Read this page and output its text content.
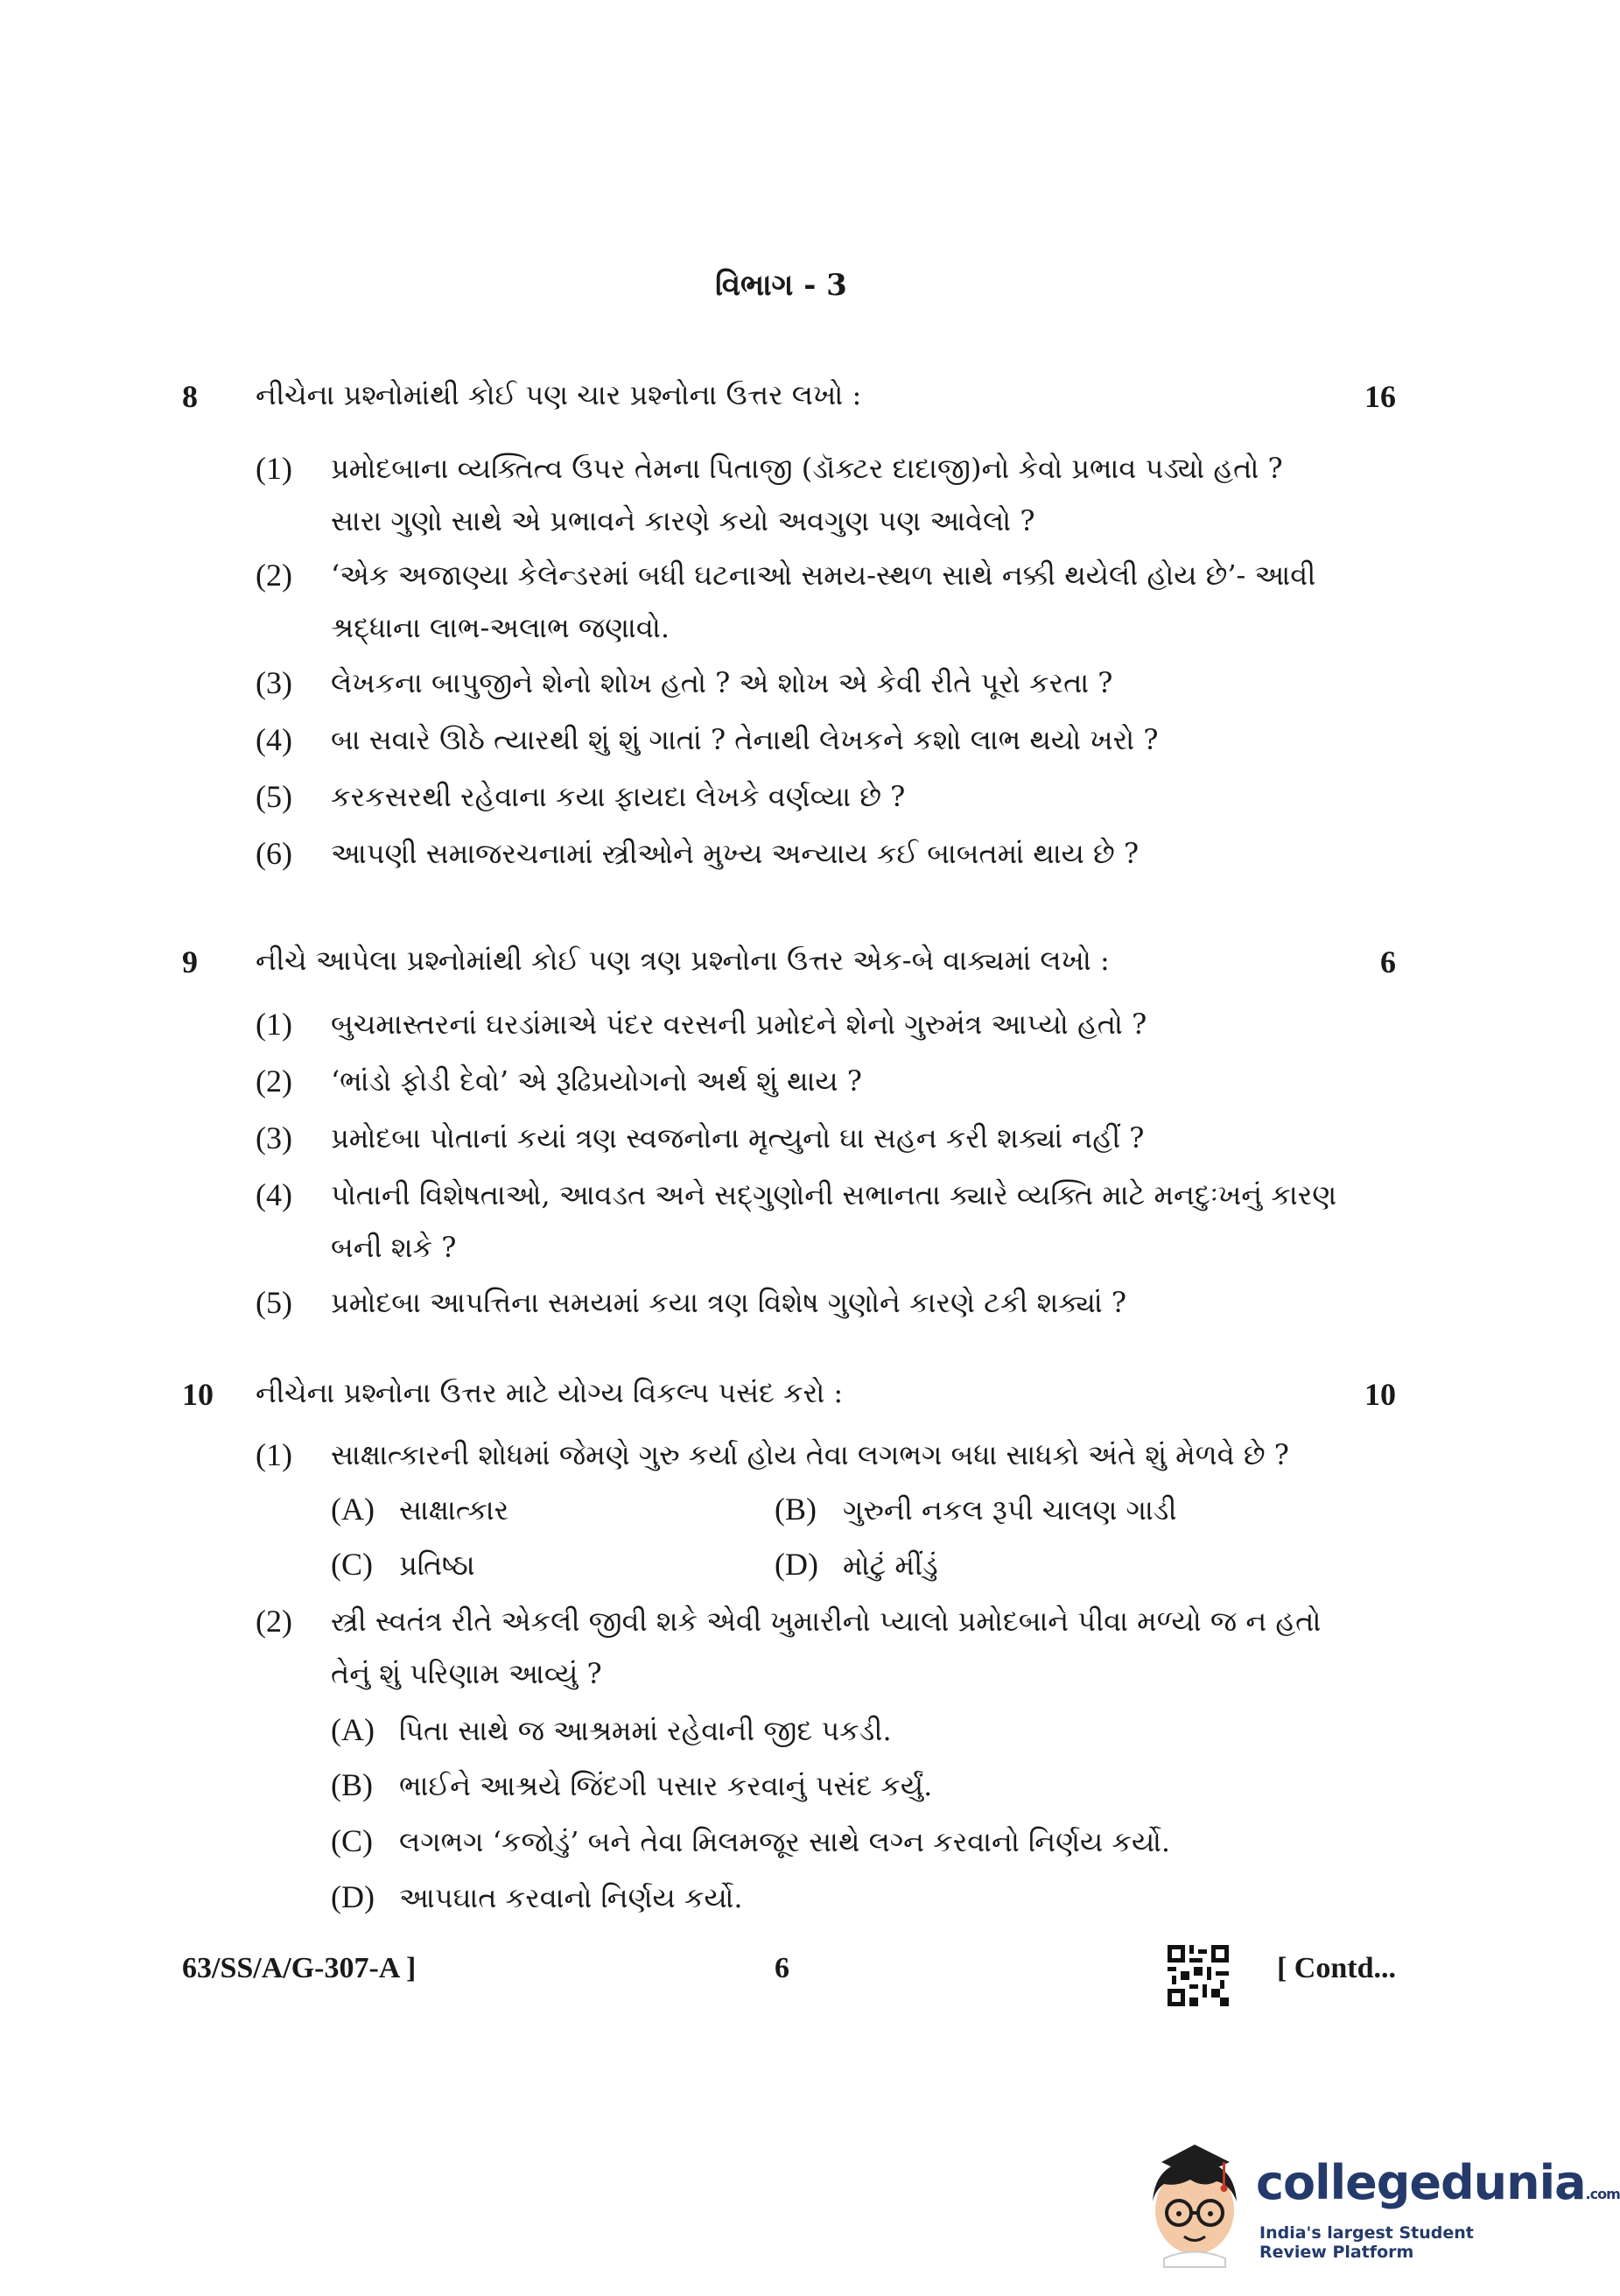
વિભાગ - 3
8 નીચેના પ્રશ્નોમાંથી કોઈ પણ ચાર પ્રશ્નોના ઉત્તર લખો :	16
(1) પ્રમોદબાના વ્યક્તિત્વ ઉપર તેમના પિતાજી (ડૉક્ટર દાદાજી)નો કેવો પ્રભાવ પડ્યો હતો ? સારા ગુણો સાથે એ પ્રભાવને કારણે કયો અવગુણ પણ આવેલો ?
(2) ‘એક અજાણ્યા કેલેન્ડરમાં બધી ઘટનાઓ સમય-સ્થળ સાથે નક્કી થયેલી હોય છે’- આવી શ્રદ્ધાના લાભ-અલાભ જણાવો.
(3) લેખકના બાપુજીને શેનો શોખ હતો ? એ શોખ એ કેવી રીતે પૂરો કરતા ?
(4) બા સવારે ઊઠે ત્યારથી શું શું ગાતાં ? તેનાથી લેખકને કશો લાભ થયો ખરો ?
(5) કરકસરથી રહેવાના કયા ફાયદા લેખકે વર્ણવ્યા છે ?
(6) આપણી સમાજરચનામાં સ્ત્રીઓને મુખ્ય અન્યાય કઈ બાબતમાં થાય છે ?
9 નીચે આપેલા પ્રશ્નોમાંથી કોઈ પણ ત્રણ પ્રશ્નોના ઉત્તર એક-બે વાક્યમાં લખો :	6
(1) બુચમાસ્તરનાં ઘરડાંમાએ પંદર વરસની પ્રમોદને શેનો ગુરુમંત્ર આપ્યો હતો ?
(2) ‘ભાંડો ફોડી દેવો’ એ રૂઢિપ્રયોગનો અર્થ શું થાય ?
(3) પ્રમોદબા પોતાનાં કયાં ત્રણ સ્વજનોના મૃત્યુનો ઘા સહન કરી શક્યાં નહીં ?
(4) પોતાની વિશેષતાઓ, આવડત અને સદ્ગુણોની સભાનતા ક્યારે વ્યક્તિ માટે મનદુઃખનું કારણ બની શકે ?
(5) પ્રમોદબા આપત્તિના સમયમાં કયા ત્રણ વિશેષ ગુણોને કારણે ટકી શક્યાં ?
10 નીચેના પ્રશ્નોના ઉત્તર માટે યોગ્ય વિકલ્પ પસંદ કરો :	10
(1) સાક્ષાત્કારની શોધમાં જેમણે ગુરુ કર્યા હોય તેવા લગભગ બધા સાધકો અંતે શું મેળવે છે ?
(A) સાક્ષાત્કાર	(B) ગુરુની નકલ રૂપી ચાલણ ગાડી
(C) પ્રતિષ્ઠા	(D) મોટું મીંડું
(2) સ્ત્રી સ્વતંત્ર રીતે એકલી જીવી શકે એવી ખુમારીનો પ્યાલો પ્રમોદબાને પીવા મળ્યો જ ન હતો તેનું શું પરિણામ આવ્યું ?
(A) પિતા સાથે જ આશ્રમમાં રહેવાની જીદ પકડી.
(B) ભાઈને આશ્રયે જિંદગી પસાર કરવાનું પસંદ કર્યું.
(C) લગભગ ‘કજોડું’ બને તેવા મિલમજૂર સાથે લગ્ન કરવાનો નિર્ણય કર્યો.
(D) આપઘાત કરવાનો નિર્ણય કર્યો.
63/SS/A/G-307-A ]	6	[ Contd...
collegedunia.com
India's largest Student Review Platform
